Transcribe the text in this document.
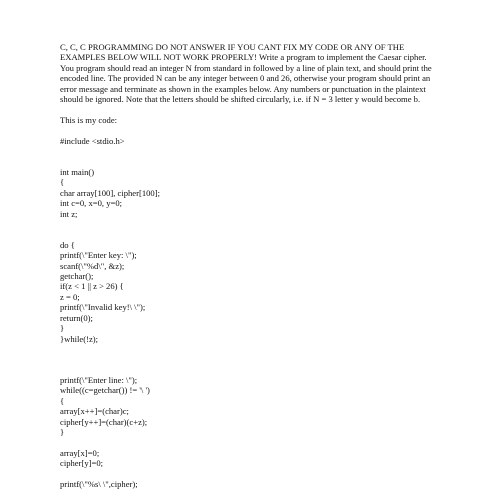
C, C, C PROGRAMMING DO NOT ANSWER IF YOU CANT FIX MY CODE OR ANY OF THE EXAMPLES BELOW WILL NOT WORK PROPERLY! Write a program to implement the Caesar cipher. You program should read an integer N from standard in followed by a line of plain text, and should print the encoded line. The provided N can be any integer between 0 and 26, otherwise your program should print an error message and terminate as shown in the examples below. Any numbers or punctuation in the plaintext should be ignored. Note that the letters should be shifted circularly, i.e. if N = 3 letter y would become b.

This is my code:
#include <stdio.h>
int main()
{
char array[100], cipher[100];
int c=0, x=0, y=0;
int z;
do {
printf(\"Enter key: \");
scanf(\"%d\", &z);
getchar();
if(z < 1 || z > 26) {
z = 0;
printf(\"Invalid key!\ \");
return(0);
}
}while(!z);
printf(\"Enter line: \");
while((c=getchar()) != '\ ')
{
array[x++]=(char)c;
cipher[y++]=(char)(c+z);
}
array[x]=0;
cipher[y]=0;
printf(\"%s\ \",cipher);
